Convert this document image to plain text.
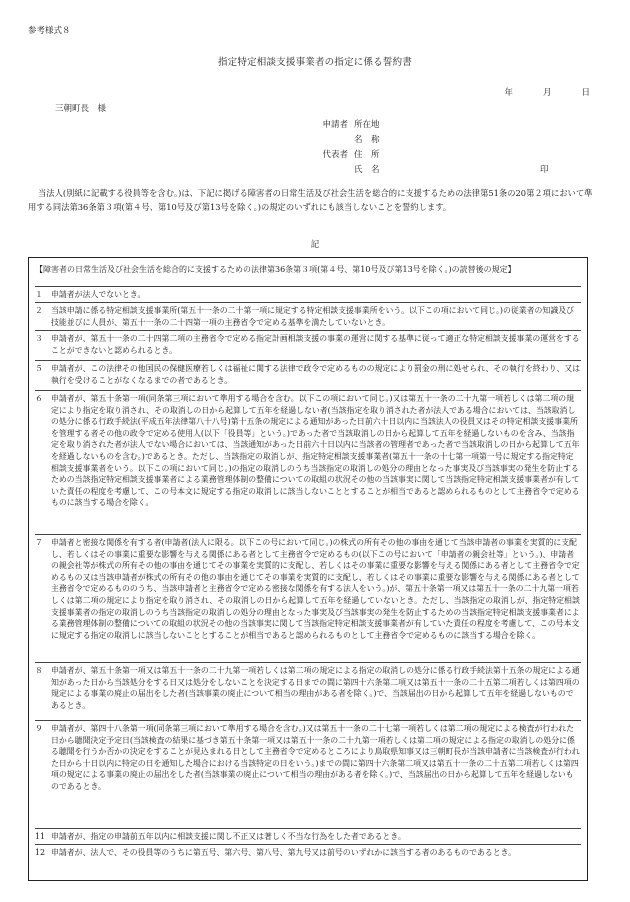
参考様式８
指定特定相談支援事業者の指定に係る誓約書
年	月	日
三朝町長　様
申請者 所在地
名　称
代表者 住　所
氏　名	印
当法人(別紙に記載する役員等を含む。)は、下記に掲げる障害者の日常生活及び社会生活を総合的に支援するための法律第51条の20第２項において準用する同法第36条第３項(第４号、第10号及び第13号を除く。)の規定のいずれにも該当しないことを誓約します。
記
【障害者の日常生活及び社会生活を総合的に支援するための法律第36条第３項(第４号、第10号及び第13号を除く。)の読替後の規定】
１	申請者が法人でないとき。
２	当該申請に係る特定相談支援事業所(第五十一条の二十第一項に規定する特定相談支援事業所をいう。以下この項において同じ。)の従業者の知識及び技能並びに人員が、第五十一条の二十四第一項の主務省令で定める基準を満たしていないとき。
３	申請者が、第五十一条の二十四第二項の主務省令で定める指定計画相談支援の事業の運営に関する基準に従って適正な特定相談支援事業の運営をすることができないと認められるとき。
５	申請者が、この法律その他国民の保健医療若しくは福祉に関する法律で政令で定めるものの規定により罰金の刑に処せられ、その執行を終わり、又は執行を受けることがなくなるまでの者であるとき。
６	申請者が、第五十条第一項(同条第三項において準用する場合を含む。以下この項において同じ。)又は第五十一条の二十九第一項若しくは第二項の規定により指定を取り消され、その取消しの日から起算して五年を経過しない者(当該指定を取り消された者が法人である場合においては、当該取消しの処分に係る行政手続法(平成五年法律第八十八号)第十五条の規定による通知があった日前六十日以内に当該法人の役員又はその特定相談支援事業所を管理する者その他の政令で定める使用人(以下「役員等」という。)であった者で当該取消しの日から起算して五年を経過しないものを含み、当該指定を取り消された者が法人でない場合においては、当該通知があった日前六十日以内に当該者の管理者であった者で当該取消しの日から起算して五年を経過しないものを含む。)であるとき。ただし、当該指定の取消しが、指定特定相談支援事業者(第五十一条の十七第一項第一号に規定する指定特定相談支援事業者をいう。以下この項において同じ。)の指定の取消しのうち当該指定の取消しの処分の理由となった事実及び当該事実の発生を防止するための当該指定特定相談支援事業者による業務管理体制の整備についての取組の状況その他の当該事実に関して当該指定特定相談支援事業者が有していた責任の程度を考慮して、この号本文に規定する指定の取消しに該当しないこととすることが相当であると認められるものとして主務省令で定めるものに該当する場合を除く。
７	申請者と密接な関係を有する者(申請者(法人に限る。以下この号において同じ。)の株式の所有その他の事由を通じて当該申請者の事業を実質的に支配し、若しくはその事業に重要な影響を与える関係にある者として主務省令で定めるもの(以下この号において「申請者の親会社等」という。)、申請者の親会社等が株式の所有その他の事由を通じてその事業を実質的に支配し、若しくはその事業に重要な影響を与える関係にある者として主務省令で定めるもの又は当該申請者が株式の所有その他の事由を通じてその事業を実質的に支配し、若しくはその事業に重要な影響を与える関係にある者として主務省令で定めるもののうち、当該申請者と主務省令で定める密接な関係を有する法人をいう。)が、第五十条第一項又は第五十一条の二十九第一項若しくは第二項の規定により指定を取り消され、その取消しの日から起算して五年を経過していないとき。ただし、当該指定の取消しが、指定特定相談支援事業者の指定の取消しのうち当該指定の取消しの処分の理由となった事実及び当該事実の発生を防止するための当該指定特定相談支援事業者による業務管理体制の整備についての取組の状況その他の当該事実に関して当該指定特定相談支援事業者が有していた責任の程度を考慮して、この号本文に規定する指定の取消しに該当しないこととすることが相当であると認められるものとして主務省令で定めるものに該当する場合を除く。
８	申請者が、第五十条第一項又は第五十一条の二十九第一項若しくは第二項の規定による指定の取消しの処分に係る行政手続法第十五条の規定による通知があった日から当該処分をする日又は処分をしないことを決定する日までの間に第四十六条第二項又は第五十一条の二十五第二項若しくは第四項の規定による事業の廃止の届出をした者(当該事業の廃止について相当の理由がある者を除く。)で、当該届出の日から起算して五年を経過しないものであるとき。
９	申請者が、第四十八条第一項(同条第三項において準用する場合を含む。)又は第五十一条の二十七第一項若しくは第二項の規定による検査が行われた日から聴聞決定予定日(当該検査の結果に基づき第五十条第一項又は第五十一条の二十九第一項若しくは第二項の規定による指定の取消しの処分に係る聴聞を行うか否かの決定をすることが見込まれる日として主務省令で定めるところにより鳥取県知事又は三朝町長が当該申請者に当該検査が行われた日から十日以内に特定の日を通知した場合における当該特定の日をいう。)までの間に第四十六条第二項又は第五十一条の二十五第二項若しくは第四項の規定による事業の廃止の届出をした者(当該事業の廃止について相当の理由がある者を除く。)で、当該届出の日から起算して五年を経過しないものであるとき。
11 申請者が、指定の申請前五年以内に相談支援に関し不正又は著しく不当な行為をした者であるとき。
12 申請者が、法人で、その役員等のうちに第五号、第六号、第八号、第九号又は前号のいずれかに該当する者のあるものであるとき。
